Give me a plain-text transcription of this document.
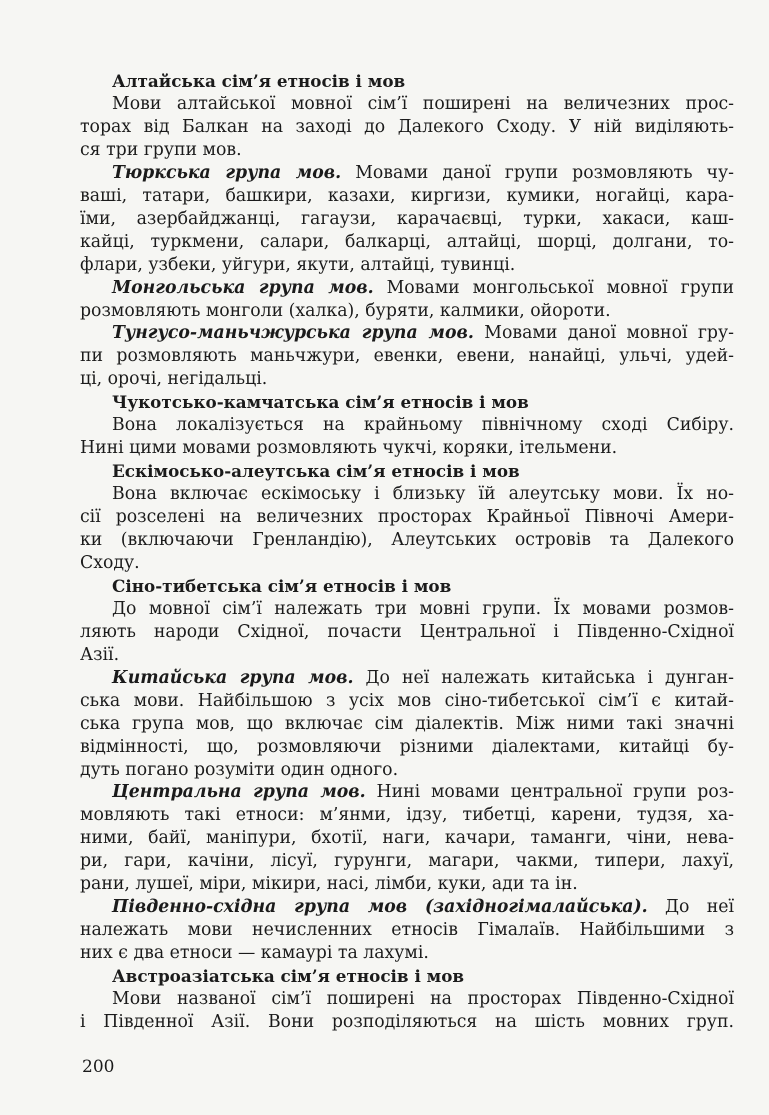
Алтайська сім’я етносів і мов
Мови алтайської мовної сім’ї поширені на величезних прос-
торах від Балкан на заході до Далекого Сходу. У ній виділяють-
ся три групи мов.
Тюркська група мов. Мовами даної групи розмовляють чу-
ваші, татари, башкири, казахи, киргизи, кумики, ногайці, кара-
їми, азербайджанці, гагаузи, карачаєвці, турки, хакаси, каш-
кайці, туркмени, салари, балкарці, алтайці, шорці, долгани, то-
флари, узбеки, уйгури, якути, алтайці, тувинці.
Монгольська група мов. Мовами монгольської мовної групи
розмовляють монголи (халка), буряти, калмики, ойороти.
Тунгусо-маньчжурська група мов. Мовами даної мовної гру-
пи розмовляють маньчжури, евенки, евени, нанайці, ульчі, удей-
ці, орочі, негідальці.
Чукотсько-камчатська сім’я етносів і мов
Вона локалізується на крайньому північному сході Сибіру.
Нині цими мовами розмовляють чукчі, коряки, ітельмени.
Ескімосько-алеутська сім’я етносів і мов
Вона включає ескімоську і близьку їй алеутську мови. Їх но-
сії розселені на величезних просторах Крайньої Півночі Амери-
ки (включаючи Гренландію), Алеутських островів та Далекого
Сходу.
Сіно-тибетська сім’я етносів і мов
До мовної сім’ї належать три мовні групи. Їх мовами розмов-
ляють народи Східної, почасти Центральної і Південно-Східної
Азії.
Китайська група мов. До неї належать китайська і дунган-
ська мови. Найбільшою з усіх мов сіно-тибетської сім’ї є китай-
ська група мов, що включає сім діалектів. Між ними такі значні
відмінності, що, розмовляючи різними діалектами, китайці бу-
дуть погано розуміти один одного.
Центральна група мов. Нині мовами центральної групи роз-
мовляють такі етноси: м’янми, ідзу, тибетці, карени, тудзя, ха-
ними, байї, маніпури, бхотії, наги, качари, таманги, чіни, нева-
ри, гари, качіни, лісуї, гурунги, магари, чакми, типери, лахуї,
рани, лушеї, міри, мікири, насі, лімби, куки, ади та ін.
Південно-східна група мов (західногімалайська). До неї
належать мови нечисленних етносів Гімалаїв. Найбільшими з
них є два етноси — камаурі та лахумі.
Австроазіатська сім’я етносів і мов
Мови названої сім’ї поширені на просторах Південно-Східної
і Південної Азії. Вони розподіляються на шість мовних груп.
200
